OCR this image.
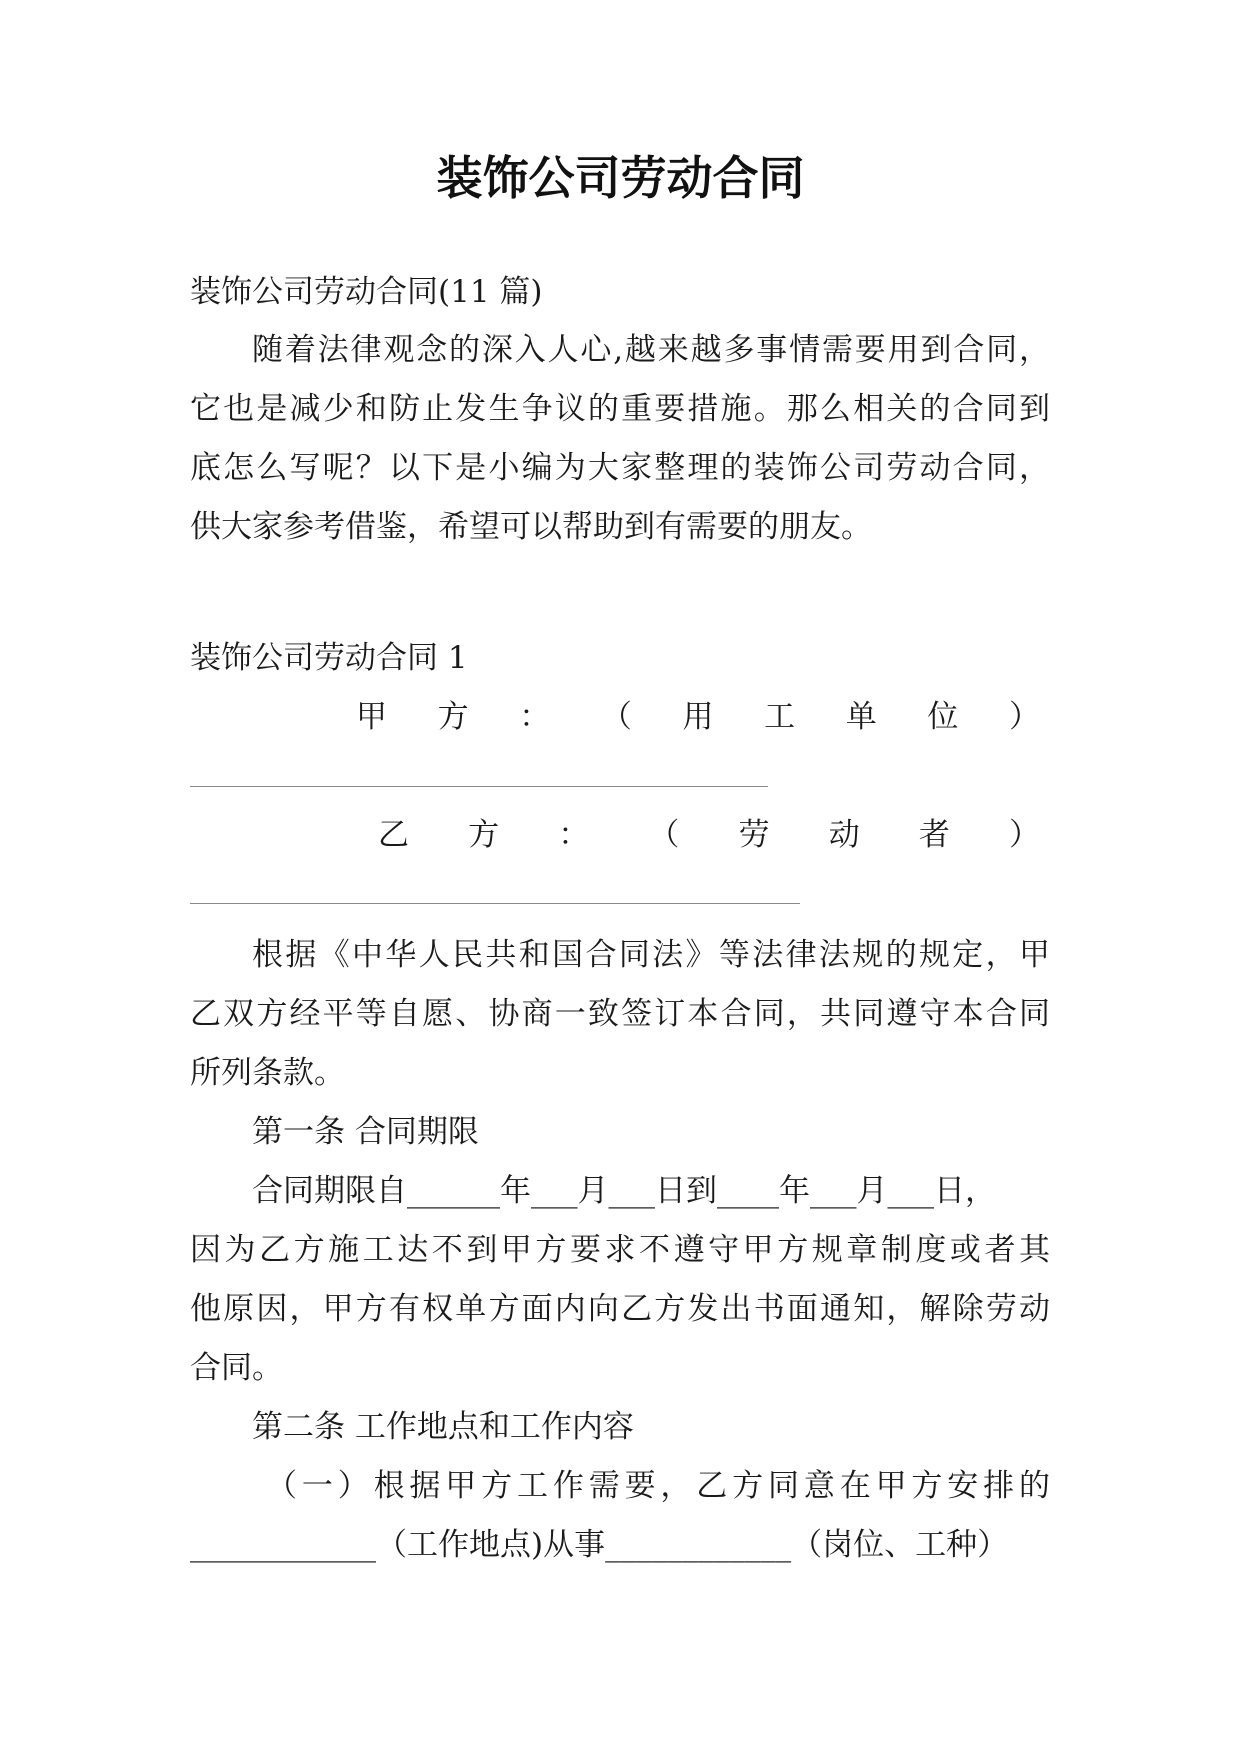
装饰公司劳动合同
装饰公司劳动合同(11 篇)
随着法律观念的深入人心,越来越多事情需要用到合同，
它也是减少和防止发生争议的重要措施。那么相关的合同到
底怎么写呢？以下是小编为大家整理的装饰公司劳动合同，
供大家参考借鉴，希望可以帮助到有需要的朋友。
装饰公司劳动合同 1
甲 方 ： （ 用 工 单 位 ）
乙 方 ： （ 劳 动 者 ）
根据《中华人民共和国合同法》等法律法规的规定，甲
乙双方经平等自愿、协商一致签订本合同，共同遵守本合同
所列条款。
第一条 合同期限
合同期限自______年___月___日到____年___月___日，
因为乙方施工达不到甲方要求不遵守甲方规章制度或者其
他原因，甲方有权单方面内向乙方发出书面通知，解除劳动
合同。
第二条 工作地点和工作内容
（一）根据甲方工作需要，乙方同意在甲方安排的
____________（工作地点)从事____________（岗位、工种）
